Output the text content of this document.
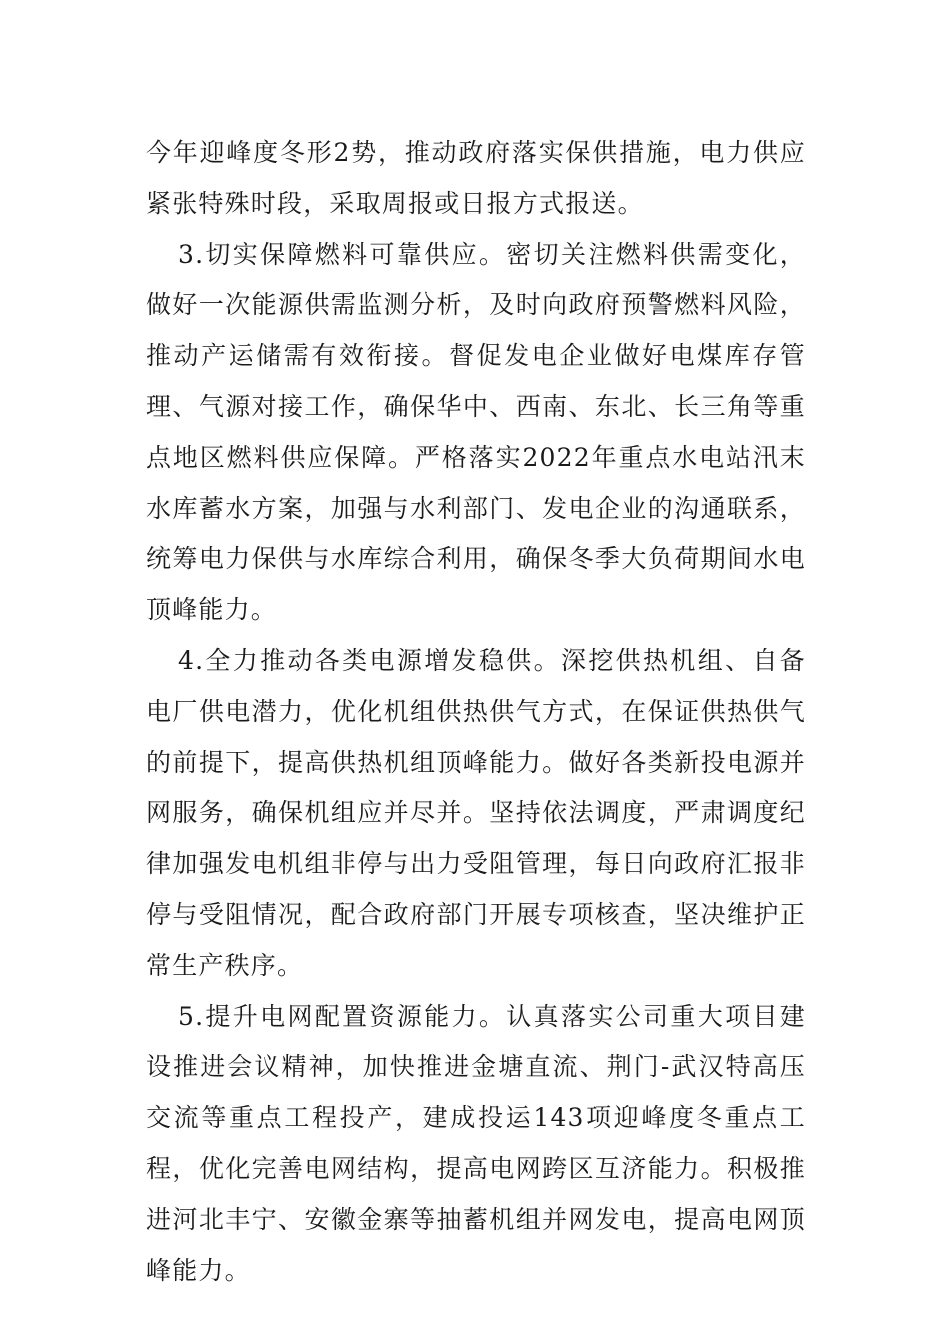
今年迎峰度冬形2势，推动政府落实保供措施，电力供应紧张特殊时段，采取周报或日报方式报送。

3.切实保障燃料可靠供应。密切关注燃料供需变化，做好一次能源供需监测分析，及时向政府预警燃料风险，推动产运储需有效衔接。督促发电企业做好电煤库存管理、气源对接工作，确保华中、西南、东北、长三角等重点地区燃料供应保障。严格落实2022年重点水电站汛末水库蓄水方案，加强与水利部门、发电企业的沟通联系，统筹电力保供与水库综合利用，确保冬季大负荷期间水电顶峰能力。

4.全力推动各类电源增发稳供。深挖供热机组、自备电厂供电潜力，优化机组供热供气方式，在保证供热供气的前提下，提高供热机组顶峰能力。做好各类新投电源并网服务，确保机组应并尽并。坚持依法调度，严肃调度纪律加强发电机组非停与出力受阻管理，每日向政府汇报非停与受阻情况，配合政府部门开展专项核查，坚决维护正常生产秩序。

5.提升电网配置资源能力。认真落实公司重大项目建设推进会议精神，加快推进金塘直流、荆门-武汉特高压交流等重点工程投产，建成投运143项迎峰度冬重点工程，优化完善电网结构，提高电网跨区互济能力。积极推进河北丰宁、安徽金寨等抽蓄机组并网发电，提高电网顶峰能力。
